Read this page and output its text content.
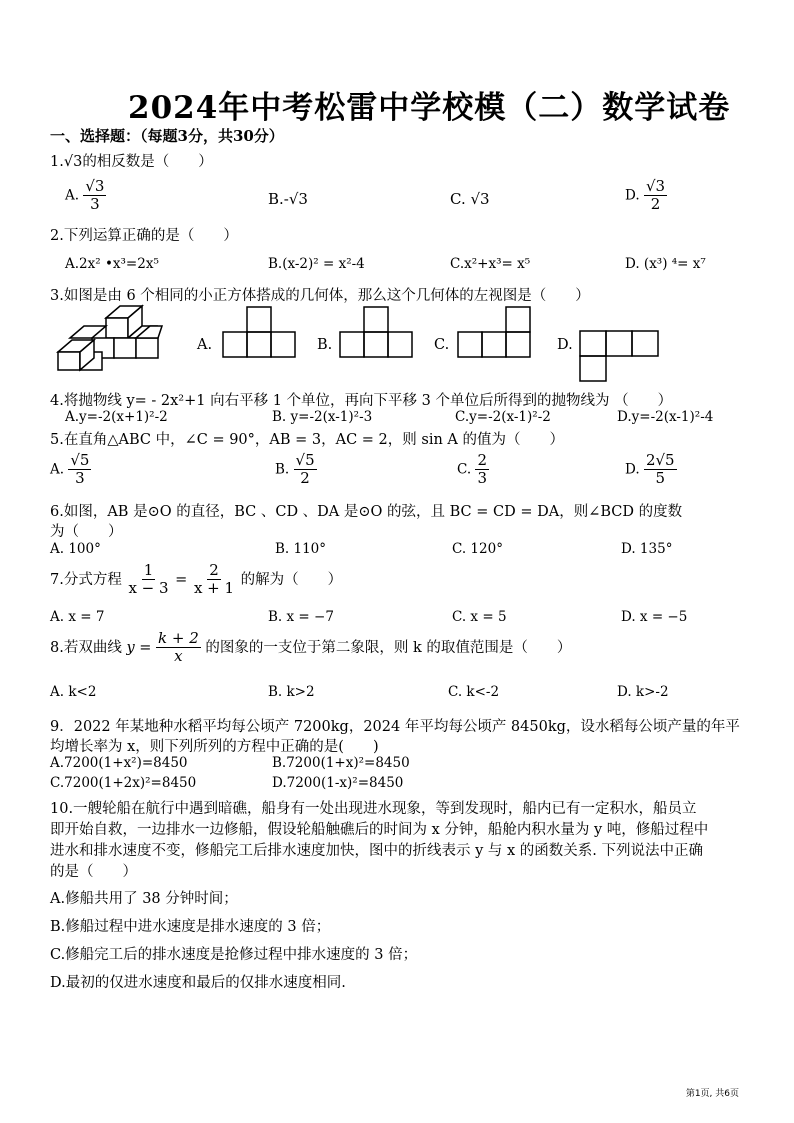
2024年中考松雷中学校模（二）数学试卷
一、选择题：（每题3分，共30分）
1.√3的相反数是（　　）
A. $\frac{√3}{3}$	B.-√3	C. √3	D. $\frac{√3}{2}$
2.下列运算正确的是（　　）
A.2x² •x³=2x⁵	B.(x-2)² = x²-4	C.x²+x³= x⁵	D. (x³) ⁴= x⁷
3.如图是由 6 个相同的小正方体搭成的几何体，那么这个几何体的左视图是（　　）
A.	B.	C.	D.
4.将抛物线 y= - 2x²+1 向右平移 1 个单位，再向下平移 3 个单位后所得到的抛物线为 （　　）
A.y=-2(x+1)²-2	B. y=-2(x-1)²-3	C.y=-2(x-1)²-2	D.y=-2(x-1)²-4
5.在直角△ABC 中，∠C = 90°，AB = 3，AC = 2，则 sin A 的值为（　　）
A. $\frac{√5}{3}$	B. $\frac{√5}{2}$	C. $\frac{2}{3}$	D. $\frac{2√5}{5}$
6.如图，AB 是⊙O 的直径，BC 、CD 、DA 是⊙O 的弦，且 BC = CD = DA，则∠BCD 的度数
为（　　）
A. 100°	B. 110°	C. 120°	D. 135°
7.分式方程 $\frac{1}{x - 3} = \frac{2}{x + 1}$ 的解为（　　）
A. x = 7	B. x = −7	C. x = 5	D. x = −5
8.若双曲线 $y = \frac{k + 2}{x}$ 的图象的一支位于第二象限，则 k 的取值范围是（　　）
A. k<2	B. k>2	C. k<-2	D. k>-2
9．2022 年某地种水稻平均每公顷产 7200kg，2024 年平均每公顷产 8450kg，设水稻每公顷产量的年平
均增长率为 x，则下列所列的方程中正确的是(　　)
A.7200(1+x²)=8450	B.7200(1+x)²=8450
C.7200(1+2x)²=8450	D.7200(1-x)²=8450
10.一艘轮船在航行中遇到暗礁，船身有一处出现进水现象，等到发现时，船内已有一定积水，船员立
即开始自救，一边排水一边修船，假设轮船触礁后的时间为 x 分钟，船舱内积水量为 y 吨，修船过程中
进水和排水速度不变，修船完工后排水速度加快，图中的折线表示 y 与 x 的函数关系. 下列说法中正确
的是（　　）
A.修船共用了 38 分钟时间；
B.修船过程中进水速度是排水速度的 3 倍；
C.修船完工后的排水速度是抢修过程中排水速度的 3 倍；
D.最初的仅进水速度和最后的仅排水速度相同.
第1页, 共6页
